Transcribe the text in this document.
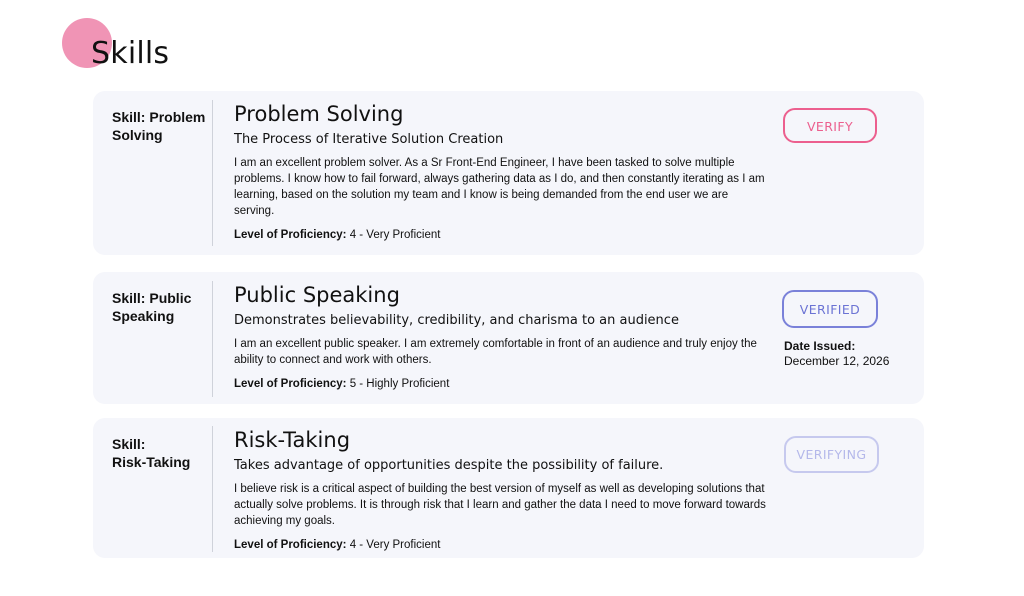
Skills
Skill: Problem Solving
Problem Solving
The Process of Iterative Solution Creation
I am an excellent problem solver. As a Sr Front-End Engineer, I have been tasked to solve multiple problems. I know how to fail forward, always gathering data as I do, and then constantly iterating as I am learning, based on the solution my team and I know is being demanded from the end user we are serving.
Level of Proficiency: 4 - Very Proficient
VERIFY
Skill: Public Speaking
Public Speaking
Demonstrates believability, credibility, and charisma to an audience
I am an excellent public speaker. I am extremely comfortable in front of an audience and truly enjoy the ability to connect and work with others.
Level of Proficiency: 5 - Highly Proficient
VERIFIED
Date Issued:
December 12, 2026
Skill:
Risk-Taking
Risk-Taking
Takes advantage of opportunities despite the possibility of failure.
I believe risk is a critical aspect of building the best version of myself as well as developing solutions that actually solve problems. It is through risk that I learn and gather the data I need to move forward towards achieving my goals.
Level of Proficiency: 4 - Very Proficient
VERIFYING
